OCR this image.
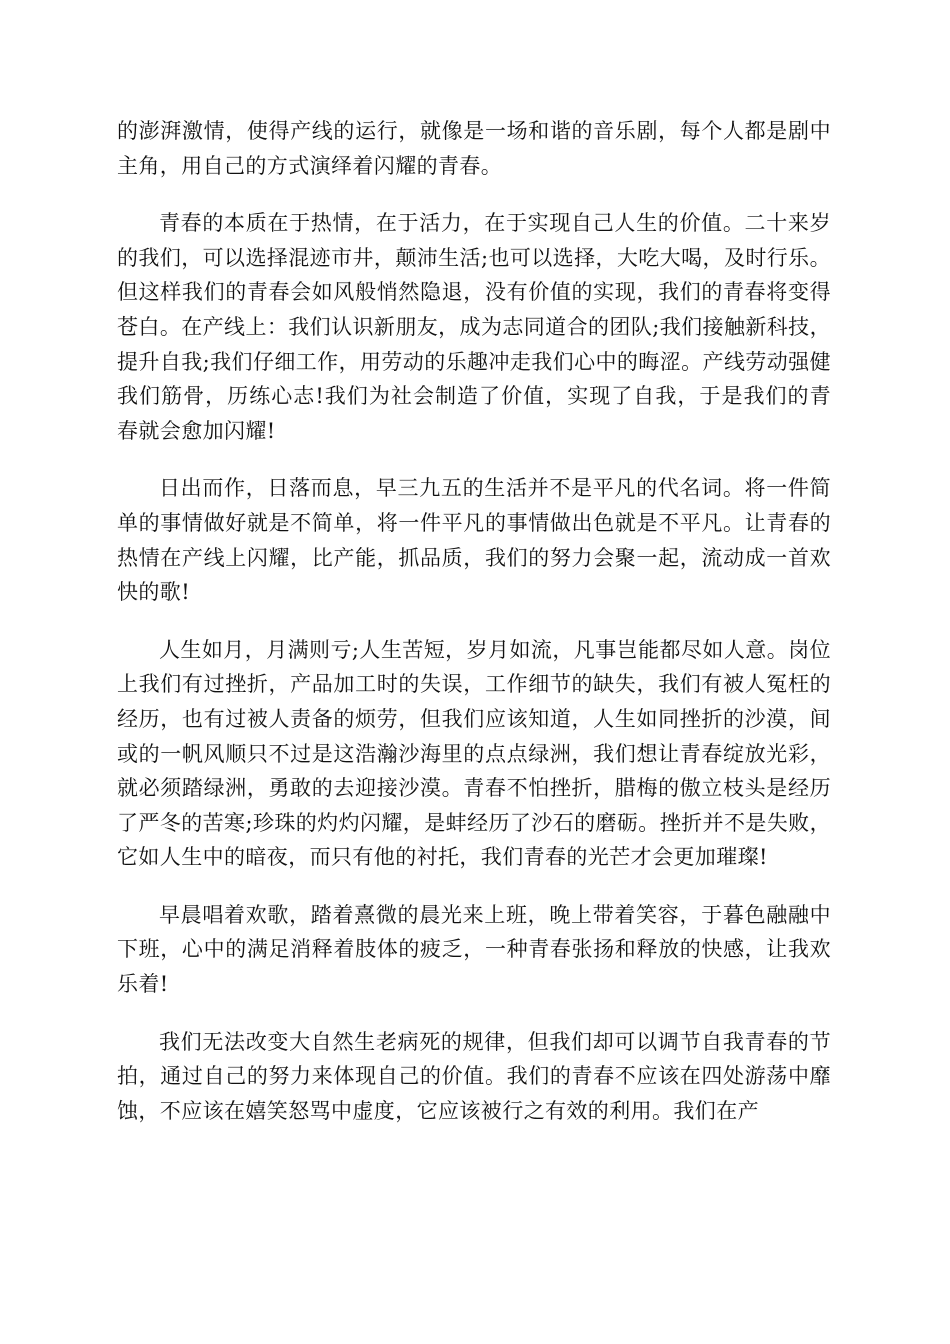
的澎湃激情，使得产线的运行，就像是一场和谐的音乐剧，每个人都是剧中主角，用自己的方式演绎着闪耀的青春。

青春的本质在于热情，在于活力，在于实现自己人生的价值。二十来岁的我们，可以选择混迹市井，颠沛生活;也可以选择，大吃大喝，及时行乐。但这样我们的青春会如风般悄然隐退，没有价值的实现，我们的青春将变得苍白。在产线上：我们认识新朋友，成为志同道合的团队;我们接触新科技，提升自我;我们仔细工作，用劳动的乐趣冲走我们心中的晦涩。产线劳动强健我们筋骨，历练心志!我们为社会制造了价值，实现了自我，于是我们的青春就会愈加闪耀!

日出而作，日落而息，早三九五的生活并不是平凡的代名词。将一件简单的事情做好就是不简单，将一件平凡的事情做出色就是不平凡。让青春的热情在产线上闪耀，比产能，抓品质，我们的努力会聚一起，流动成一首欢快的歌!

人生如月，月满则亏;人生苦短，岁月如流，凡事岂能都尽如人意。岗位上我们有过挫折，产品加工时的失误，工作细节的缺失，我们有被人冤枉的经历，也有过被人责备的烦劳，但我们应该知道，人生如同挫折的沙漠，间或的一帆风顺只不过是这浩瀚沙海里的点点绿洲，我们想让青春绽放光彩，就必须踏绿洲，勇敢的去迎接沙漠。青春不怕挫折，腊梅的傲立枝头是经历了严冬的苦寒;珍珠的灼灼闪耀，是蚌经历了沙石的磨砺。挫折并不是失败，它如人生中的暗夜，而只有他的衬托，我们青春的光芒才会更加璀璨!

早晨唱着欢歌，踏着熹微的晨光来上班，晚上带着笑容，于暮色融融中下班，心中的满足消释着肢体的疲乏，一种青春张扬和释放的快感，让我欢乐着!

我们无法改变大自然生老病死的规律，但我们却可以调节自我青春的节拍，通过自己的努力来体现自己的价值。我们的青春不应该在四处游荡中靡蚀，不应该在嬉笑怒骂中虚度，它应该被行之有效的利用。我们在产
